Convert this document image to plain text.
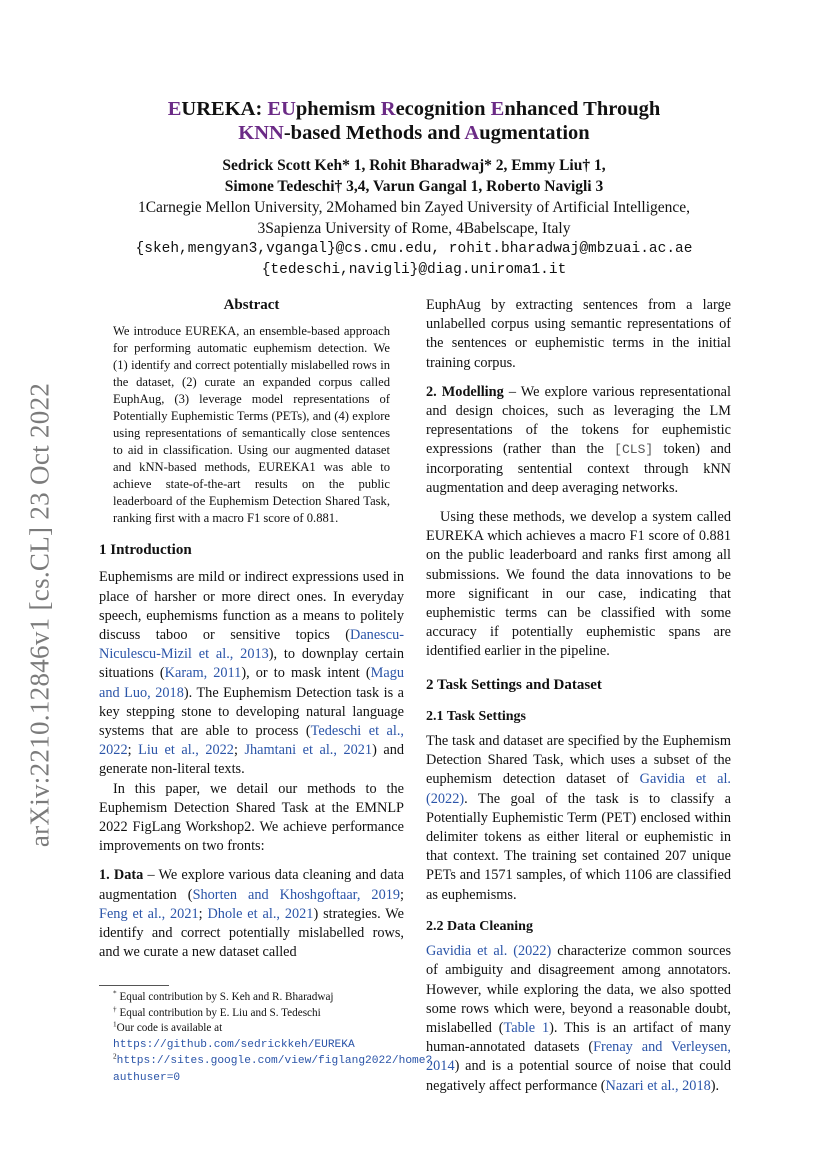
arXiv:2210.12846v1 [cs.CL] 23 Oct 2022
EUREKA: EUphemism Recognition Enhanced Through
KNN-based Methods and Augmentation
Sedrick Scott Keh* 1, Rohit Bharadwaj* 2, Emmy Liu† 1,
Simone Tedeschi† 3,4, Varun Gangal 1, Roberto Navigli 3
1Carnegie Mellon University, 2Mohamed bin Zayed University of Artificial Intelligence,
3Sapienza University of Rome, 4Babelscape, Italy
{skeh,mengyan3,vgangal}@cs.cmu.edu, rohit.bharadwaj@mbzuai.ac.ae
{tedeschi,navigli}@diag.uniroma1.it
Abstract

We introduce EUREKA, an ensemble-based approach for performing automatic euphemism detection. We (1) identify and correct potentially mislabelled rows in the dataset, (2) curate an expanded corpus called EuphAug, (3) leverage model representations of Potentially Euphemistic Terms (PETs), and (4) explore using representations of semantically close sentences to aid in classification. Using our augmented dataset and kNN-based methods, EUREKA1 was able to achieve state-of-the-art results on the public leaderboard of the Euphemism Detection Shared Task, ranking first with a macro F1 score of 0.881.

1 Introduction

Euphemisms are mild or indirect expressions used in place of harsher or more direct ones. In everyday speech, euphemisms function as a means to politely discuss taboo or sensitive topics (Danescu-Niculescu-Mizil et al., 2013), to downplay certain situations (Karam, 2011), or to mask intent (Magu and Luo, 2018). The Euphemism Detection task is a key stepping stone to developing natural language systems that are able to process (Tedeschi et al., 2022; Liu et al., 2022; Jhamtani et al., 2021) and generate non-literal texts.

In this paper, we detail our methods to the Euphemism Detection Shared Task at the EMNLP 2022 FigLang Workshop2. We achieve performance improvements on two fronts:

1. Data – We explore various data cleaning and data augmentation (Shorten and Khoshgoftaar, 2019; Feng et al., 2021; Dhole et al., 2021) strategies. We identify and correct potentially mislabelled rows, and we curate a new dataset called

EuphAug by extracting sentences from a large unlabelled corpus using semantic representations of the sentences or euphemistic terms in the initial training corpus.

2. Modelling – We explore various representational and design choices, such as leveraging the LM representations of the tokens for euphemistic expressions (rather than the [CLS] token) and incorporating sentential context through kNN augmentation and deep averaging networks.

Using these methods, we develop a system called EUREKA which achieves a macro F1 score of 0.881 on the public leaderboard and ranks first among all submissions. We found the data innovations to be more significant in our case, indicating that euphemistic terms can be classified with some accuracy if potentially euphemistic spans are identified earlier in the pipeline.

2 Task Settings and Dataset
2.1 Task Settings

The task and dataset are specified by the Euphemism Detection Shared Task, which uses a subset of the euphemism detection dataset of Gavidia et al. (2022). The goal of the task is to classify a Potentially Euphemistic Term (PET) enclosed within delimiter tokens as either literal or euphemistic in that context. The training set contained 207 unique PETs and 1571 samples, of which 1106 are classified as euphemisms.

2.2 Data Cleaning

Gavidia et al. (2022) characterize common sources of ambiguity and disagreement among annotators. However, while exploring the data, we also spotted some rows which were, beyond a reasonable doubt, mislabelled (Table 1). This is an artifact of many human-annotated datasets (Frenay and Verleysen, 2014) and is a potential source of noise that could negatively affect performance (Nazari et al., 2018).

* Equal contribution by S. Keh and R. Bharadwaj
† Equal contribution by E. Liu and S. Tedeschi
$^1$Our code is available at https://github.com/sedrickkeh/EUREKA
$^2$https://sites.google.com/view/figlang2022/home?authuser=0
